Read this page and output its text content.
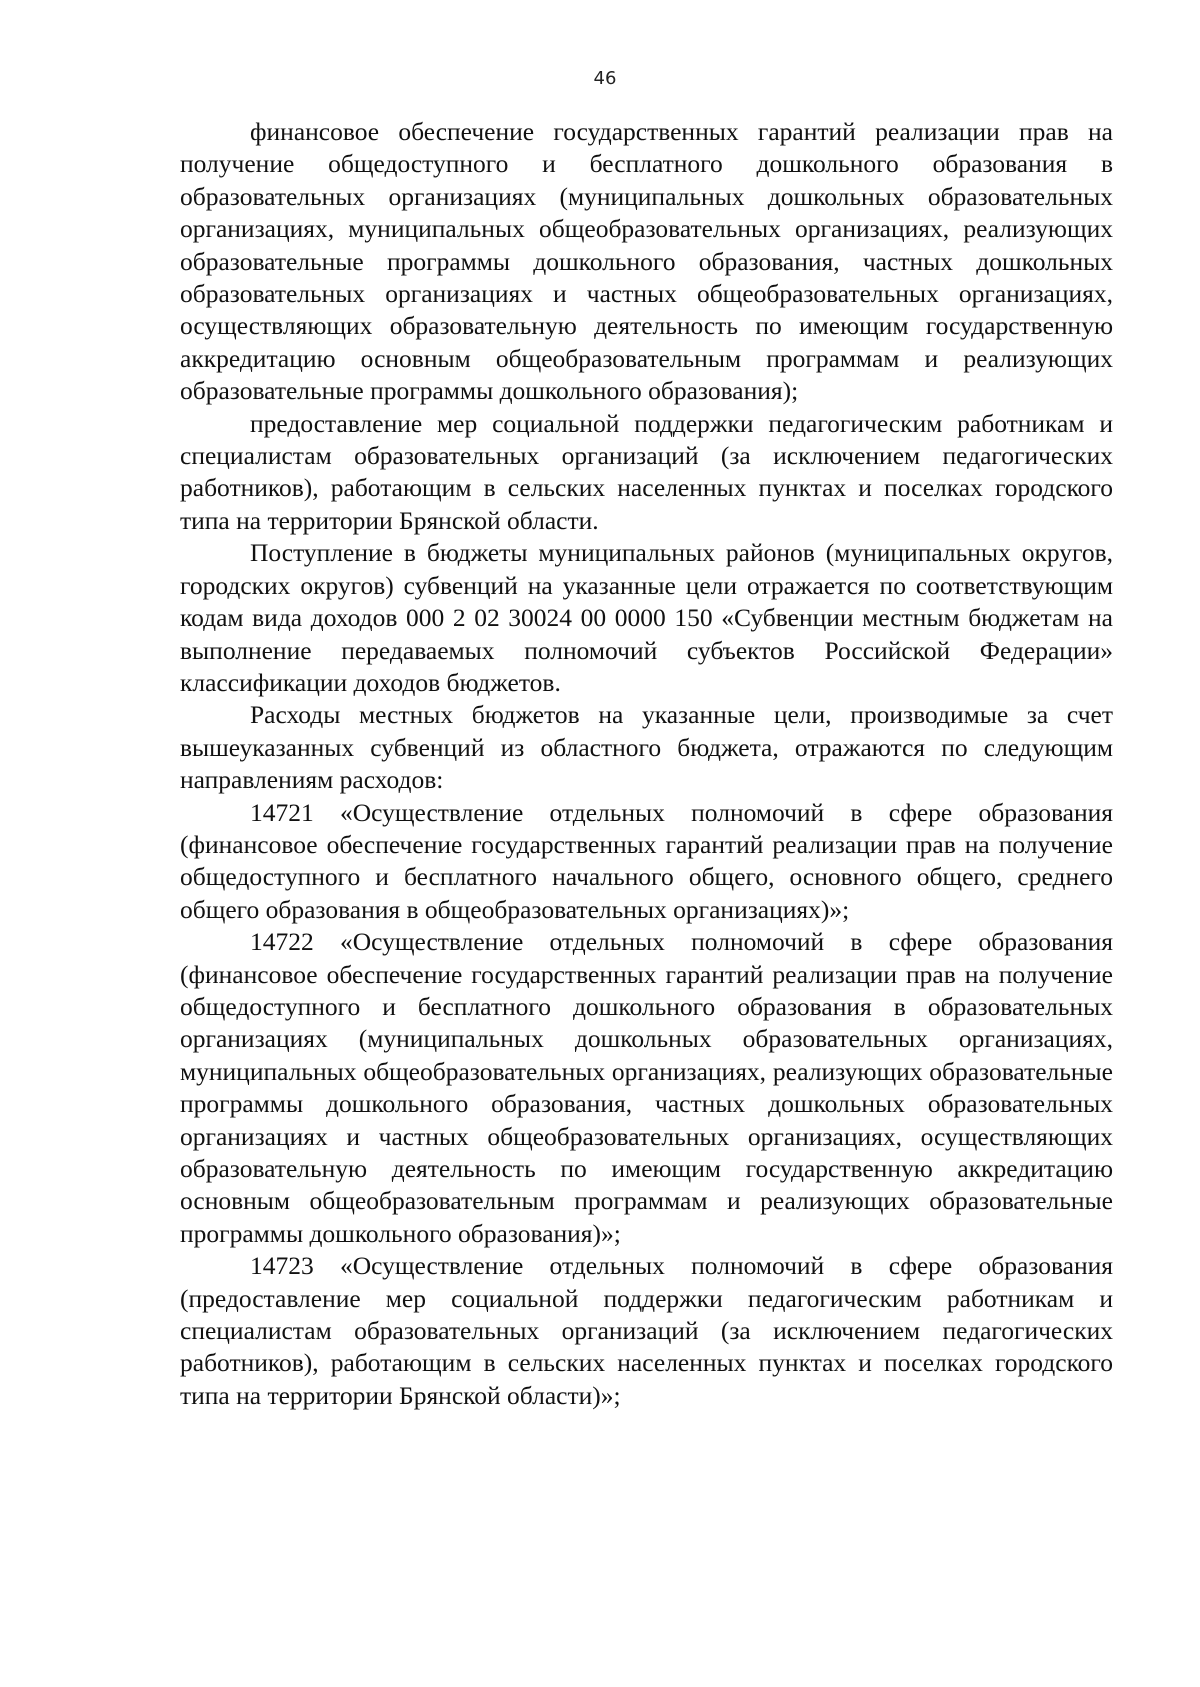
46

финансовое обеспечение государственных гарантий реализации прав на получение общедоступного и бесплатного дошкольного образования в образовательных организациях (муниципальных дошкольных образовательных организациях, муниципальных общеобразовательных организациях, реализующих образовательные программы дошкольного образования, частных дошкольных образовательных организациях и частных общеобразовательных организациях, осуществляющих образовательную деятельность по имеющим государственную аккредитацию основным общеобразовательным программам и реализующих образовательные программы дошкольного образования);

предоставление мер социальной поддержки педагогическим работникам и специалистам образовательных организаций (за исключением педагогических работников), работающим в сельских населенных пунктах и поселках городского типа на территории Брянской области.

Поступление в бюджеты муниципальных районов (муниципальных округов, городских округов) субвенций на указанные цели отражается по соответствующим кодам вида доходов 000 2 02 30024 00 0000 150 «Субвенции местным бюджетам на выполнение передаваемых полномочий субъектов Российской Федерации» классификации доходов бюджетов.

Расходы местных бюджетов на указанные цели, производимые за счет вышеуказанных субвенций из областного бюджета, отражаются по следующим направлениям расходов:

14721 «Осуществление отдельных полномочий в сфере образования (финансовое обеспечение государственных гарантий реализации прав на получение общедоступного и бесплатного начального общего, основного общего, среднего общего образования в общеобразовательных организациях)»;

14722 «Осуществление отдельных полномочий в сфере образования (финансовое обеспечение государственных гарантий реализации прав на получение общедоступного и бесплатного дошкольного образования в образовательных организациях (муниципальных дошкольных образовательных организациях, муниципальных общеобразовательных организациях, реализующих образовательные программы дошкольного образования, частных дошкольных образовательных организациях и частных общеобразовательных организациях, осуществляющих образовательную деятельность по имеющим государственную аккредитацию основным общеобразовательным программам и реализующих образовательные программы дошкольного образования)»;

14723 «Осуществление отдельных полномочий в сфере образования (предоставление мер социальной поддержки педагогическим работникам и специалистам образовательных организаций (за исключением педагогических работников), работающим в сельских населенных пунктах и поселках городского типа на территории Брянской области)»;
